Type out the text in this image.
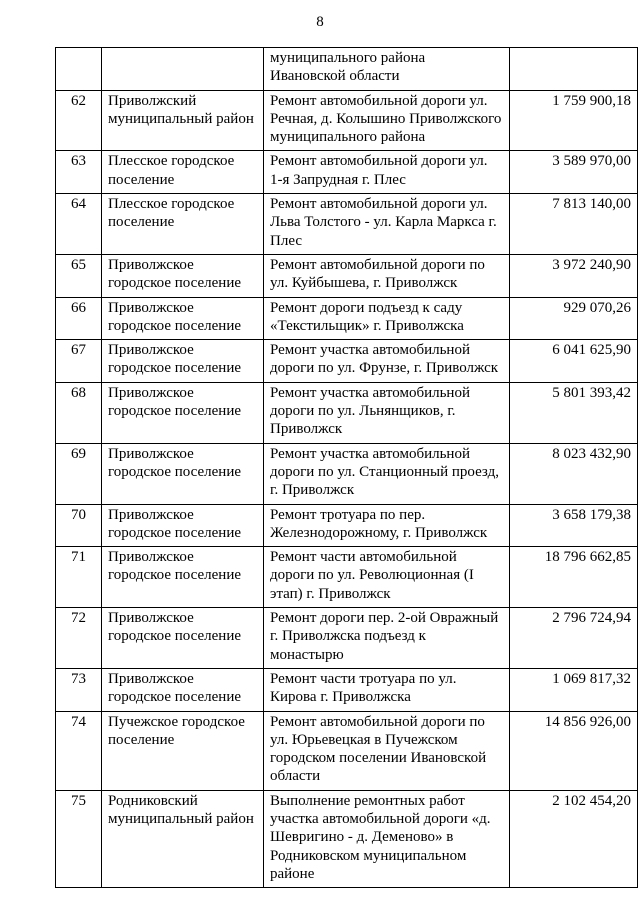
8
		муниципального района Ивановской области	
62	Приволжский муниципальный район	Ремонт автомобильной дороги ул. Речная, д. Колышино Приволжского муниципального района	1 759 900,18
63	Плесское городское поселение	Ремонт автомобильной дороги ул. 1-я Запрудная г. Плес	3 589 970,00
64	Плесское городское поселение	Ремонт автомобильной дороги ул. Льва Толстого - ул. Карла Маркса г. Плес	7 813 140,00
65	Приволжское городское поселение	Ремонт автомобильной дороги по ул. Куйбышева, г. Приволжск	3 972 240,90
66	Приволжское городское поселение	Ремонт дороги подъезд к саду «Текстильщик» г. Приволжска	929 070,26
67	Приволжское городское поселение	Ремонт участка автомобильной дороги по ул. Фрунзе, г. Приволжск	6 041 625,90
68	Приволжское городское поселение	Ремонт участка автомобильной дороги по ул. Льнянщиков, г. Приволжск	5 801 393,42
69	Приволжское городское поселение	Ремонт участка автомобильной дороги по ул. Станционный проезд, г. Приволжск	8 023 432,90
70	Приволжское городское поселение	Ремонт тротуара по пер. Железнодорожному, г. Приволжск	3 658 179,38
71	Приволжское городское поселение	Ремонт части автомобильной дороги по ул. Революционная (I этап) г. Приволжск	18 796 662,85
72	Приволжское городское поселение	Ремонт дороги пер. 2-ой Овражный г. Приволжска подъезд к монастырю	2 796 724,94
73	Приволжское городское поселение	Ремонт части тротуара по ул. Кирова г. Приволжска	1 069 817,32
74	Пучежское городское поселение	Ремонт автомобильной дороги по ул. Юрьевецкая в Пучежском городском поселении Ивановской области	14 856 926,00
75	Родниковский муниципальный район	Выполнение ремонтных работ участка автомобильной дороги «д. Шевригино - д. Деменово» в Родниковском муниципальном районе	2 102 454,20
